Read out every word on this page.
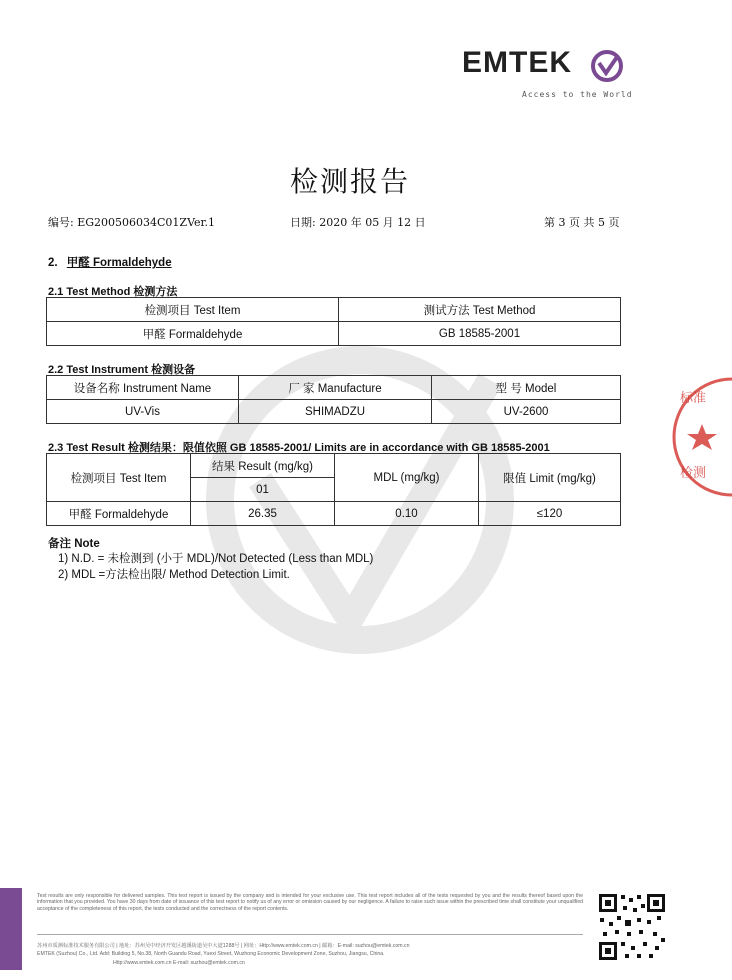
EMTEK
Access to the World
标准
检测
检测报告
编号: EG200506034C01ZVer.1	日期: 2020 年 05 月 12 日	第 3 页 共 5 页
2. 甲醛 Formaldehyde
2.1 Test Method 检测方法
检测项目 Test Item	测试方法 Test Method
甲醛 Formaldehyde	GB 18585-2001
2.2 Test Instrument 检测设备
设备名称 Instrument Name	厂 家 Manufacture	型 号 Model
UV-Vis	SHIMADZU	UV-2600
2.3 Test Result 检测结果：限值依照 GB 18585-2001/ Limits are in accordance with GB 18585-2001
检测项目 Test Item	结果 Result (mg/kg)	MDL (mg/kg)	限值 Limit (mg/kg)
	01		
甲醛 Formaldehyde	26.35	0.10	≤120
备注 Note
1) N.D. = 未检测到 (小于 MDL)/Not Detected (Less than MDL)
2) MDL =方法检出限/ Method Detection Limit.
Test results are only responsible for delivered samples. This test report is issued by the company and is intended for your exclusive use. This test report includes all of the tests requested by you and the results thereof based upon the information that you provided. You have 30 days from date of issuance of this test report to notify us of any error or omission caused by our negligence. A failure to raise such issue within the prescribed time shall constitute your unqualified acceptance of the completeness of this report, the tests conducted and the correctness of the report contents.
苏州市质测标准技术服务有限公司 | 地址：苏州吴中经济开发区越溪街道吴中大道1288号 | 网址：Http://www.emtek.com.cn | 邮箱：E-mail: suzhou@emtek.com.cn
EMTEK (Suzhou) Co., Ltd. Add: Building 5, No.38, North Guandu Road, Yuexi Street, Wuzhong Economic Development Zone, Suzhou, Jiangsu, China.
Http://www.emtek.com.cn E-mail: suzhou@emtek.com.cn
